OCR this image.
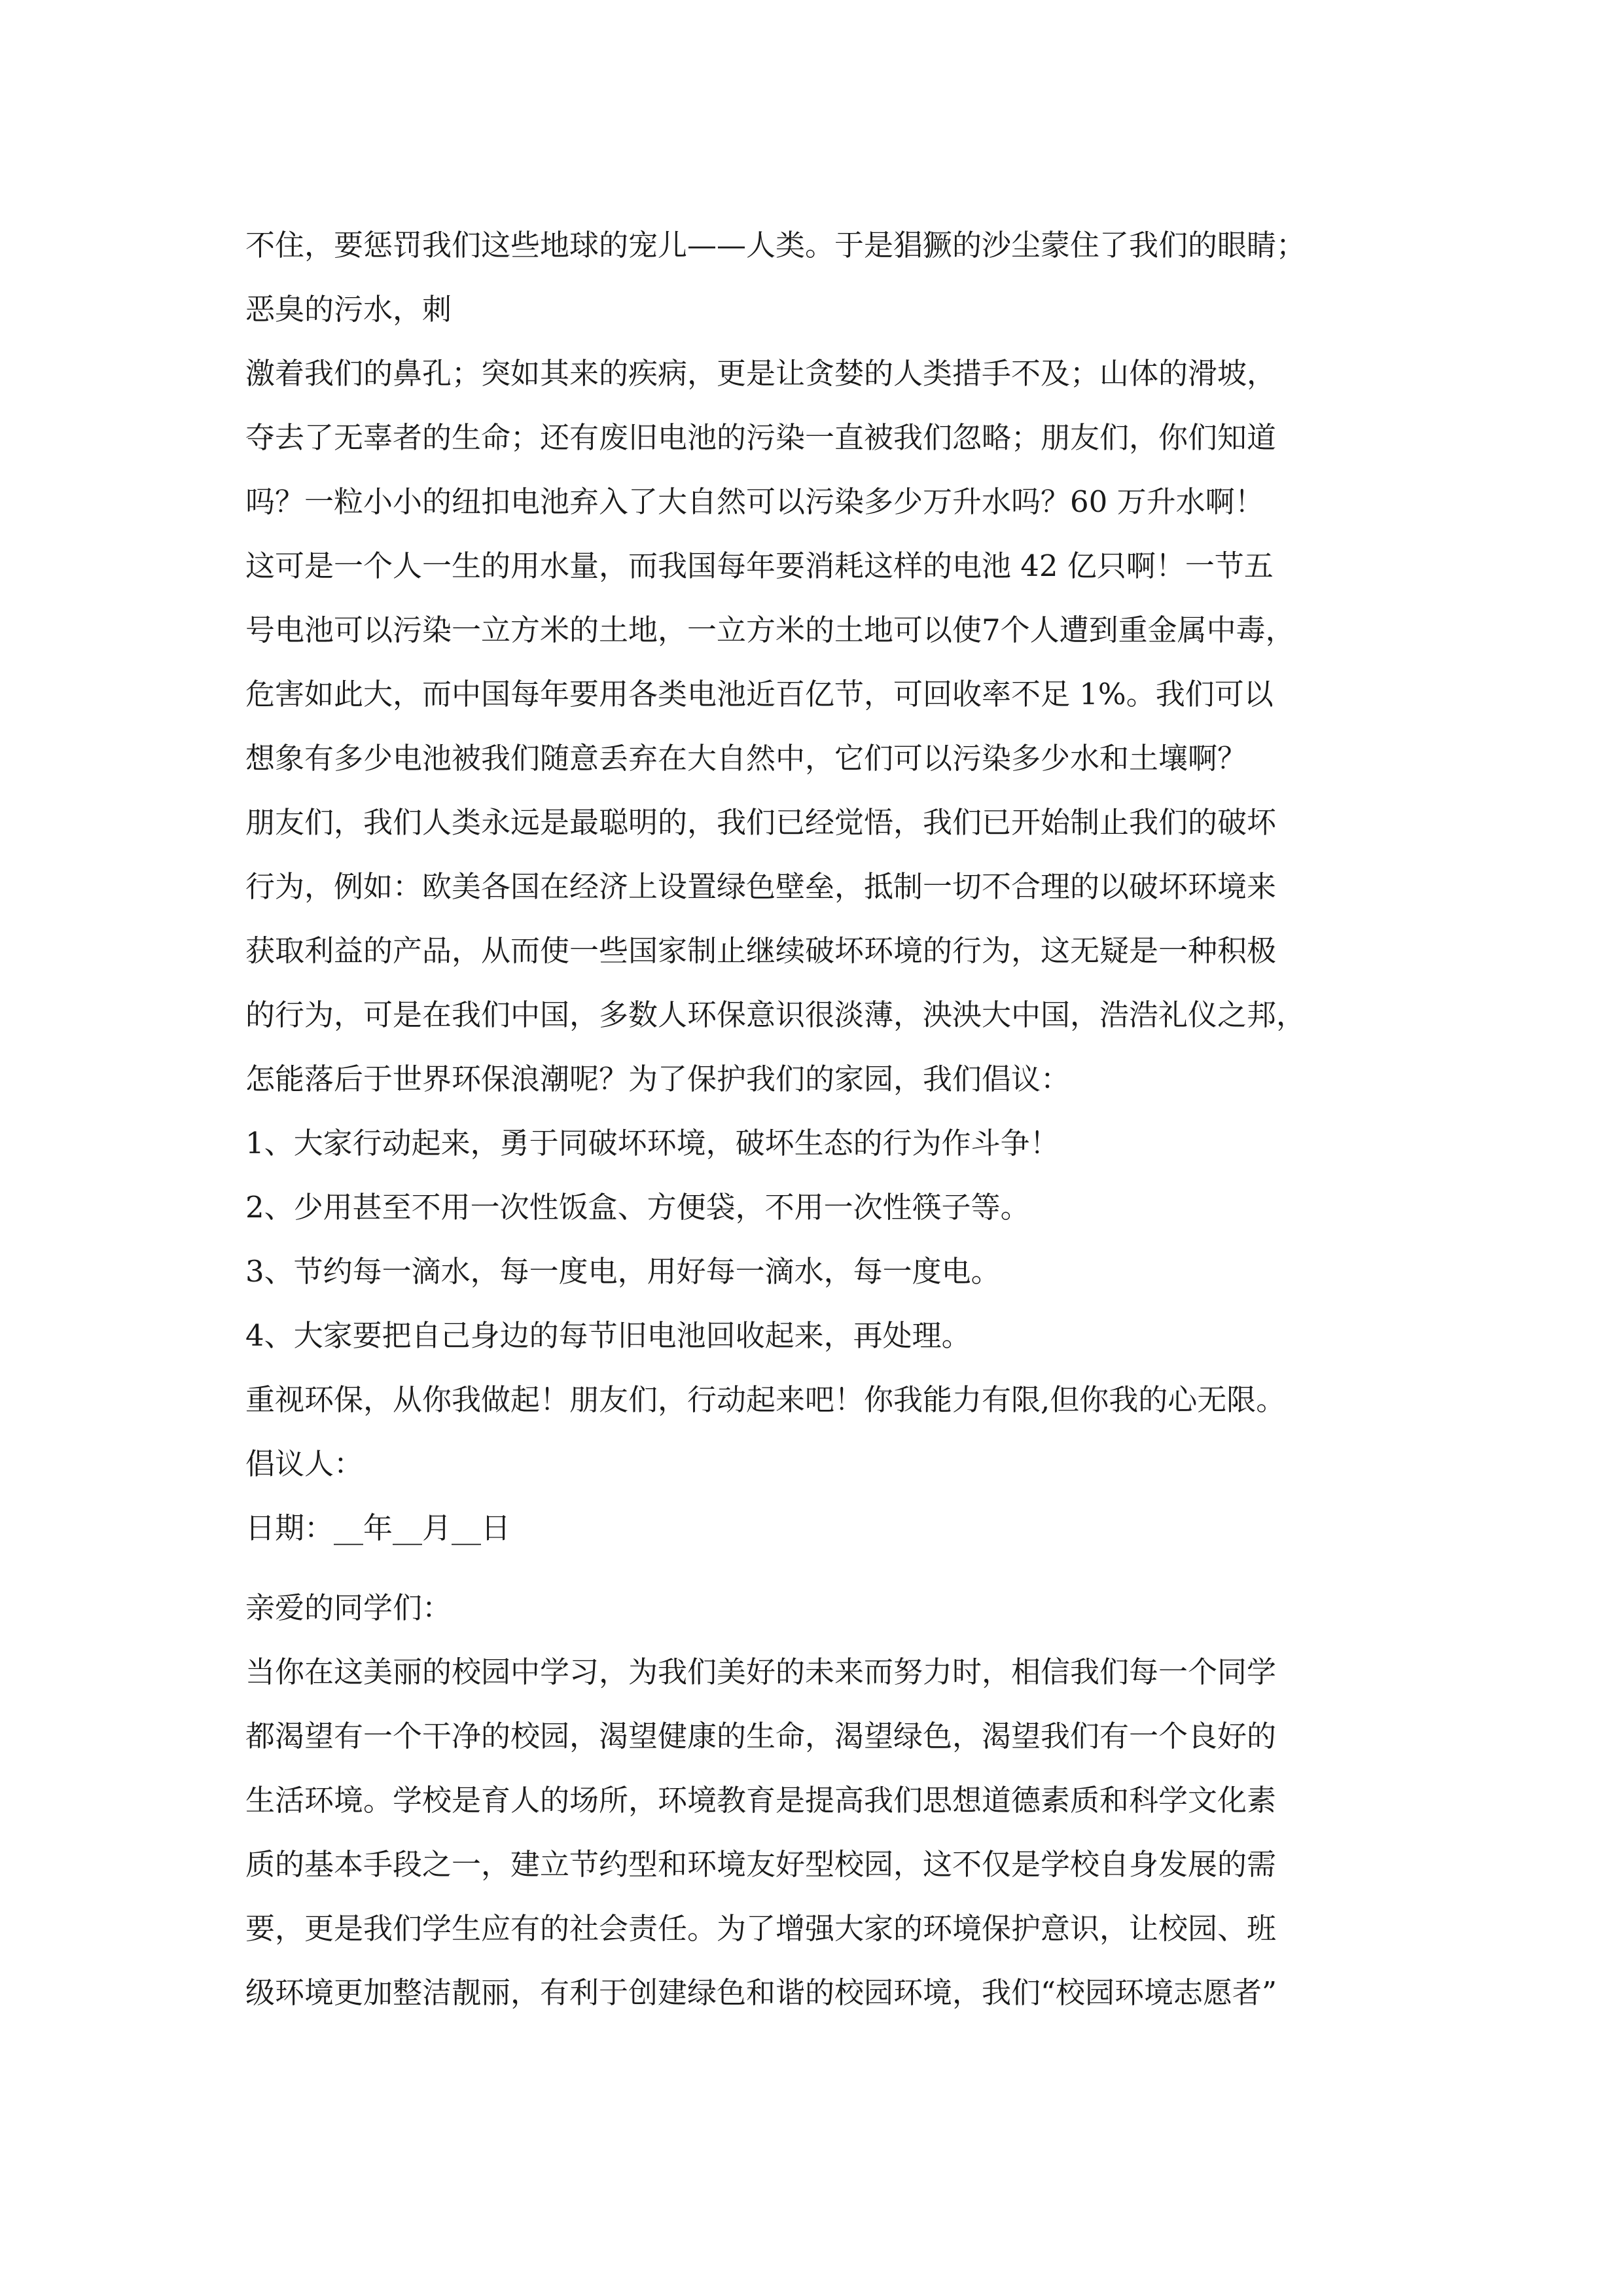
不住，要惩罚我们这些地球的宠儿——人类。于是猖獗的沙尘蒙住了我们的眼睛；
恶臭的污水，刺
激着我们的鼻孔；突如其来的疾病，更是让贪婪的人类措手不及；山体的滑坡，
夺去了无辜者的生命；还有废旧电池的污染一直被我们忽略；朋友们，你们知道
吗？一粒小小的纽扣电池弃入了大自然可以污染多少万升水吗？60 万升水啊！
这可是一个人一生的用水量，而我国每年要消耗这样的电池 42 亿只啊！一节五
号电池可以污染一立方米的土地，一立方米的土地可以使7个人遭到重金属中毒，
危害如此大，而中国每年要用各类电池近百亿节，可回收率不足 1%。我们可以
想象有多少电池被我们随意丢弃在大自然中，它们可以污染多少水和土壤啊？
朋友们，我们人类永远是最聪明的，我们已经觉悟，我们已开始制止我们的破坏
行为，例如：欧美各国在经济上设置绿色壁垒，抵制一切不合理的以破坏环境来
获取利益的产品，从而使一些国家制止继续破坏环境的行为，这无疑是一种积极
的行为，可是在我们中国，多数人环保意识很淡薄，泱泱大中国，浩浩礼仪之邦，
怎能落后于世界环保浪潮呢？为了保护我们的家园，我们倡议：
1、大家行动起来，勇于同破坏环境，破坏生态的行为作斗争！
2、少用甚至不用一次性饭盒、方便袋，不用一次性筷子等。
3、节约每一滴水，每一度电，用好每一滴水，每一度电。
4、大家要把自己身边的每节旧电池回收起来，再处理。
重视环保，从你我做起！朋友们，行动起来吧！你我能力有限,但你我的心无限。
倡议人：
日期：__年__月__日
亲爱的同学们：
当你在这美丽的校园中学习，为我们美好的未来而努力时，相信我们每一个同学
都渴望有一个干净的校园，渴望健康的生命，渴望绿色，渴望我们有一个良好的
生活环境。学校是育人的场所，环境教育是提高我们思想道德素质和科学文化素
质的基本手段之一，建立节约型和环境友好型校园，这不仅是学校自身发展的需
要，更是我们学生应有的社会责任。为了增强大家的环境保护意识，让校园、班
级环境更加整洁靓丽，有利于创建绿色和谐的校园环境，我们“校园环境志愿者”
